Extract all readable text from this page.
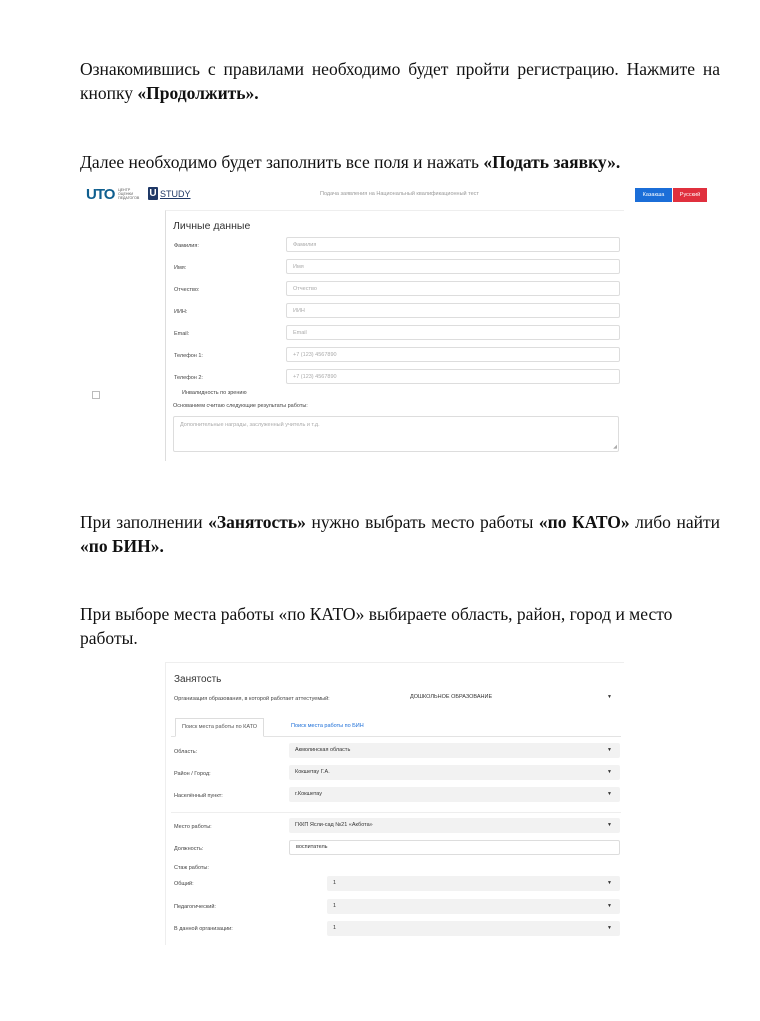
Ознакомившись с правилами необходимо будет пройти регистрацию. Нажмите на кнопку «Продолжить».

Далее необходимо будет заполнить все поля и нажать «Подать заявку».

UTO ЦЕНТР ОЦЕНКИ ПЕДАГОГОВ	U STUDY	Подача заявления на Национальный квалификационный тест	Казакша	Русский
Личные данные
Фамилия:	Фамилия
Имя:	Имя
Отчество:	Отчество
ИИН:	ИИН
Email:	Email
Телефон 1:	+7 (123) 4567890
Телефон 2:	+7 (123) 4567890
Инвалидность по зрению
Основанием считаю следующие результаты работы:
Дополнительные награды, заслуженный учитель и т.д.
◢

При заполнении «Занятость» нужно выбрать место работы «по КАТО» либо найти «по БИН».

При выборе места работы «по КАТО» выбираете область, район, город и место работы.

Занятость
Организация образования, в которой работает аттестуемый:	ДОШКОЛЬНОЕ ОБРАЗОВАНИЕ	▼
Поиск места работы по КАТО	Поиск места работы по БИН
Область:	Акмолинская область	▼
Район / Город:	Кокшетау Г.А.	▼
Населённый пункт:	г.Кокшетау	▼
Место работы:	ГККП Ясли-сад №21 «Акбота»	▼
Должность:	воспитатель
Стаж работы:
Общий:	1	▼
Педагогический:	1	▼
В данной организации:	1	▼
